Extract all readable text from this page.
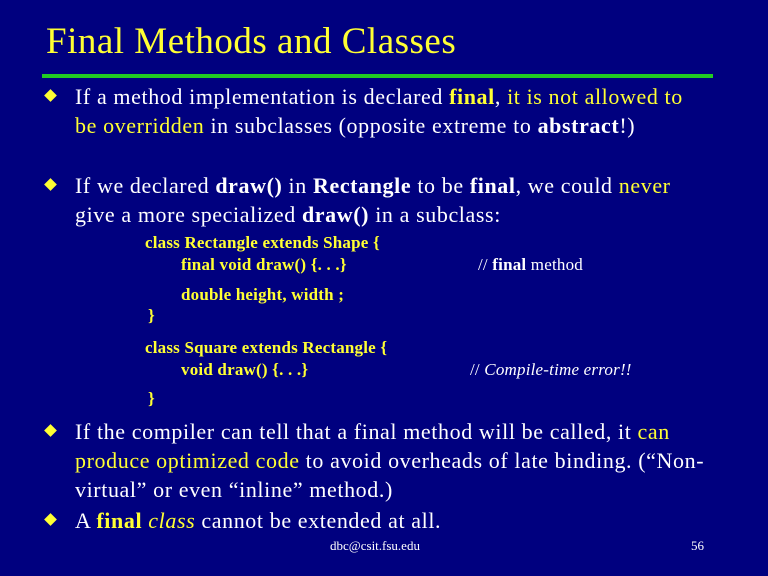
Final Methods and Classes
If a method implementation is declared final, it is not allowed to be overridden in subclasses (opposite extreme to abstract!)
If we declared draw() in Rectangle to be final, we could never give a more specialized draw() in a subclass:
class Rectangle extends Shape {
final void draw() {. . .}	// final method
double height, width ;
}
class Square extends Rectangle {
void draw() {. . .}	// Compile-time error!!
}
If the compiler can tell that a final method will be called, it can produce optimized code to avoid overheads of late binding. (“Non-virtual” or even “inline” method.)
A final class cannot be extended at all.
dbc@csit.fsu.edu	56
